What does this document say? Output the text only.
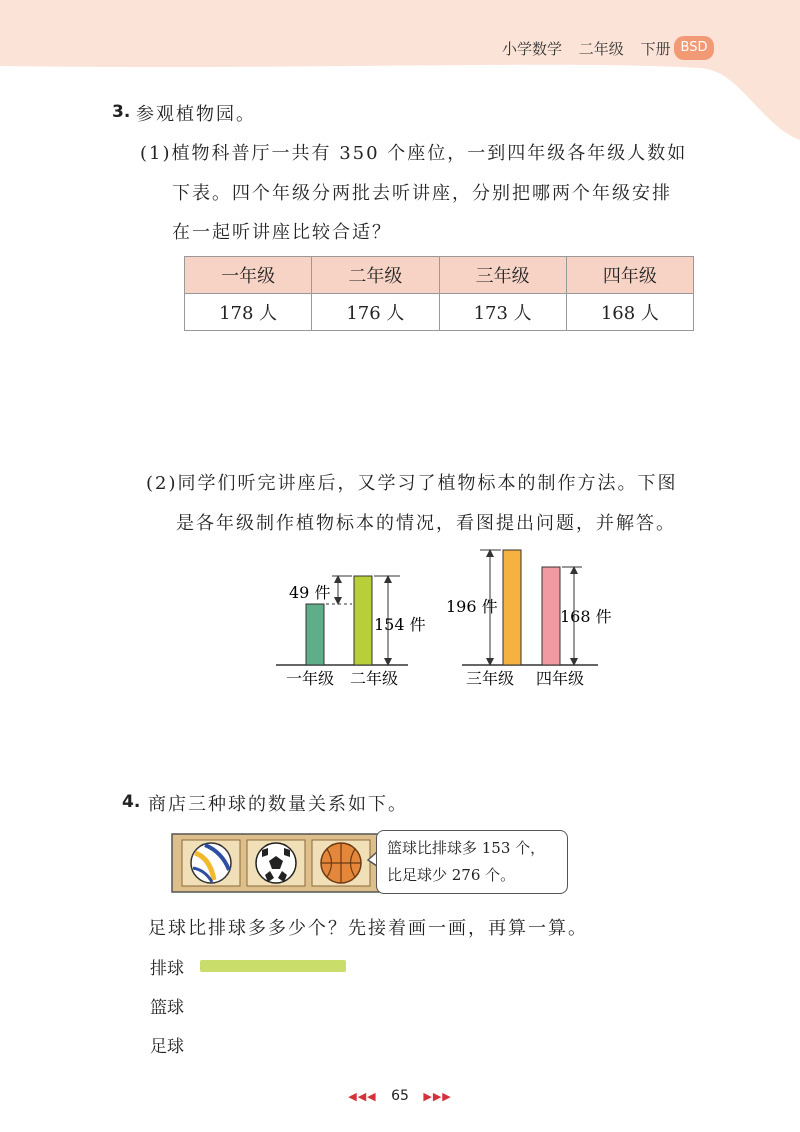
小学数学 二年级 下册 BSD
3. 参观植物园。
(1)植物科普厅一共有 350 个座位，一到四年级各年级人数如
下表。四个年级分两批去听讲座，分别把哪两个年级安排
在一起听讲座比较合适？
一年级	二年级	三年级	四年级
178 人	176 人	173 人	168 人
(2)同学们听完讲座后，又学习了植物标本的制作方法。下图
是各年级制作植物标本的情况，看图提出问题，并解答。
49 件
154 件
一年级 二年级
196 件
168 件
三年级 四年级
4. 商店三种球的数量关系如下。
篮球比排球多 153 个，
比足球少 276 个。
足球比排球多多少个？先接着画一画，再算一算。
排球
篮球
足球
◀◀◀ 65 ▶▶▶
